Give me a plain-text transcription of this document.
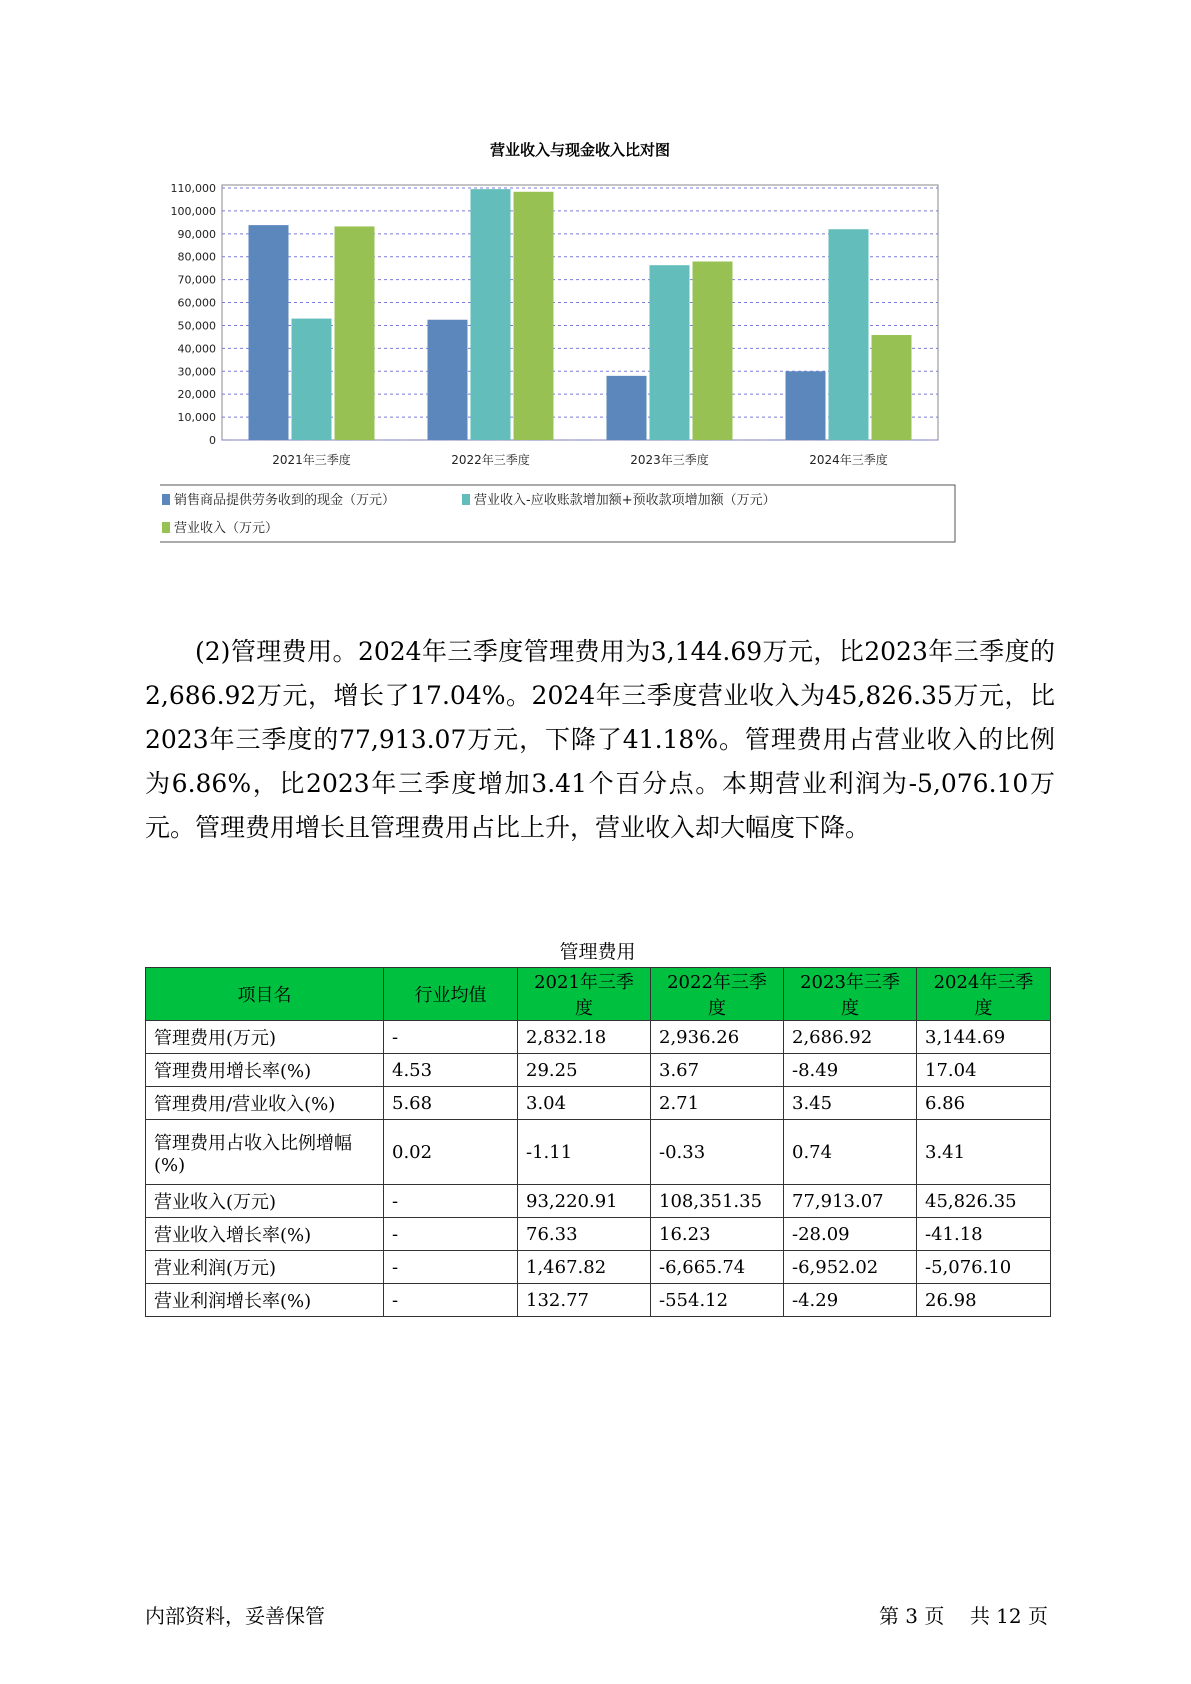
营业收入与现金收入比对图
0
10,000
20,000
30,000
40,000
50,000
60,000
70,000
80,000
90,000
100,000
110,000
2021年三季度	2022年三季度	2023年三季度	2024年三季度
销售商品提供劳务收到的现金（万元）	营业收入-应收账款增加额+预收款项增加额（万元）
营业收入（万元）

(2)管理费用。2024年三季度管理费用为3,144.69万元，比2023年三季度的2,686.92万元，增长了17.04%。2024年三季度营业收入为45,826.35万元，比2023年三季度的77,913.07万元，下降了41.18%。管理费用占营业收入的比例为6.86%，比2023年三季度增加3.41个百分点。本期营业利润为-5,076.10万元。管理费用增长且管理费用占比上升，营业收入却大幅度下降。

管理费用
项目名	行业均值	2021年三季度	2022年三季度	2023年三季度	2024年三季度
管理费用(万元)	-	2,832.18	2,936.26	2,686.92	3,144.69
管理费用增长率(%)	4.53	29.25	3.67	-8.49	17.04
管理费用/营业收入(%)	5.68	3.04	2.71	3.45	6.86
管理费用占收入比例增幅(%)	0.02	-1.11	-0.33	0.74	3.41
营业收入(万元)	-	93,220.91	108,351.35	77,913.07	45,826.35
营业收入增长率(%)	-	76.33	16.23	-28.09	-41.18
营业利润(万元)	-	1,467.82	-6,665.74	-6,952.02	-5,076.10
营业利润增长率(%)	-	132.77	-554.12	-4.29	26.98
内部资料，妥善保管	第 3 页 共 12 页
